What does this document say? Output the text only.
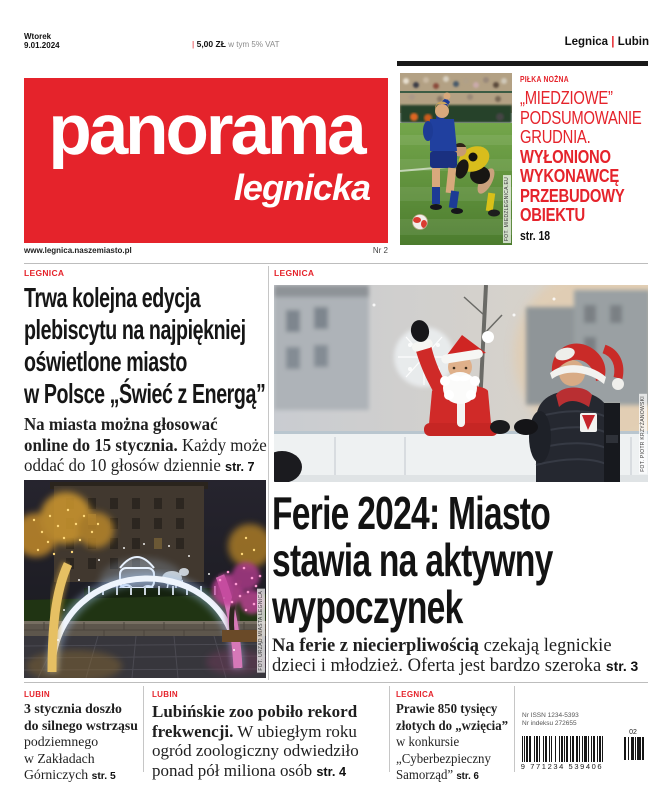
Wtorek
9.01.2024	| 5,00 ZŁ w tym 5% VAT	Legnica | Lubin
panorama
legnicka
www.legnica.naszemiasto.pl	Nr 2
FOT. MIEDZLEGNICA.EU
PIŁKA NOŻNA
„MIEDZIOWE”
PODSUMOWANIE
GRUDNIA.
WYŁONIONO
WYKONAWCĘ
PRZEBUDOWY
OBIEKTU
str. 18
LEGNICA
Trwa kolejna edycja
plebiscytu na najpiękniej
oświetlone miasto
w Polsce „Świeć z Energą”
Na miasta można głosować
online do 15 stycznia. Każdy może
oddać do 10 głosów dziennie str. 7
FOT. URZĄD MIASTA LEGNICA
LEGNICA
FOT. PIOTR KRZYŻANOWSKI
Ferie 2024: Miasto
stawia na aktywny
wypoczynek
Na ferie z niecierpliwością czekają legnickie
dzieci i młodzież. Oferta jest bardzo szeroka str. 3
LUBIN
3 stycznia doszło
do silnego wstrząsu
podziemnego
w Zakładach
Górniczych str. 5
LUBIN
Lubińskie zoo pobiło rekord
frekwencji. W ubiegłym roku
ogród zoologiczny odwiedziło
ponad pół miliona osób str. 4
LEGNICA
Prawie 850 tysięcy
złotych do „wzięcia”
w konkursie
„Cyberbezpieczny
Samorząd” str. 6
Nr ISSN 1234-5393
Nr indeksu 272655
9 771234 539406
02
